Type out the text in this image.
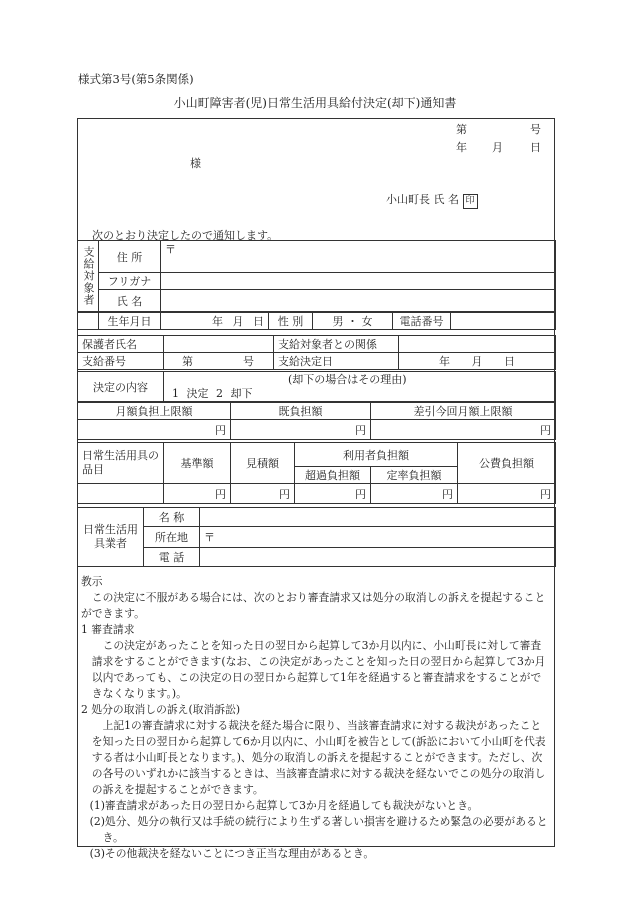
様式第3号(第5条関係)
小山町障害者(児)日常生活用具給付決定(却下)通知書
第	号
年 月 日
様
小山町長 氏 名 印
次のとおり決定したので通知します。
支給対象者	住 所	〒
	フリガナ	
	氏 名	
	生年月日	年 月 日	性 別	男 ・ 女	電話番号	
保護者氏名		支給対象者との関係	
支給番号	第 号	支給決定日	年 月 日
決定の内容	
(却下の場合はその理由)
1 決定 2 却下
月額負担上限額	既負担額	差引今回月額上限額
円	円	円
日常生活用具の品目	基準額	見積額	利用者負担額		公費負担額
			超過負担額	定率負担額	
	円	円	円	円	円
日常生活用具業者	名 称	
	所在地	〒
	電 話	

教示

この決定に不服がある場合には、次のとおり審査請求又は処分の取消しの訴えを提起することができます。

1 審査請求

この決定があったことを知った日の翌日から起算して3か月以内に、小山町長に対して審査請求をすることができます(なお、この決定があったことを知った日の翌日から起算して3か月以内であっても、この決定の日の翌日から起算して1年を経過すると審査請求をすることができなくなります。)。

2 処分の取消しの訴え(取消訴訟)

上記1の審査請求に対する裁決を経た場合に限り、当該審査請求に対する裁決があったことを知った日の翌日から起算して6か月以内に、小山町を被告として(訴訟において小山町を代表する者は小山町長となります。)、処分の取消しの訴えを提起することができます。ただし、次の各号のいずれかに該当するときは、当該審査請求に対する裁決を経ないでこの処分の取消しの訴えを提起することができます。

(1)審査請求があった日の翌日から起算して3か月を経過しても裁決がないとき。

(2)処分、処分の執行又は手続の続行により生ずる著しい損害を避けるため緊急の必要があるとき。

(3)その他裁決を経ないことにつき正当な理由があるとき。
